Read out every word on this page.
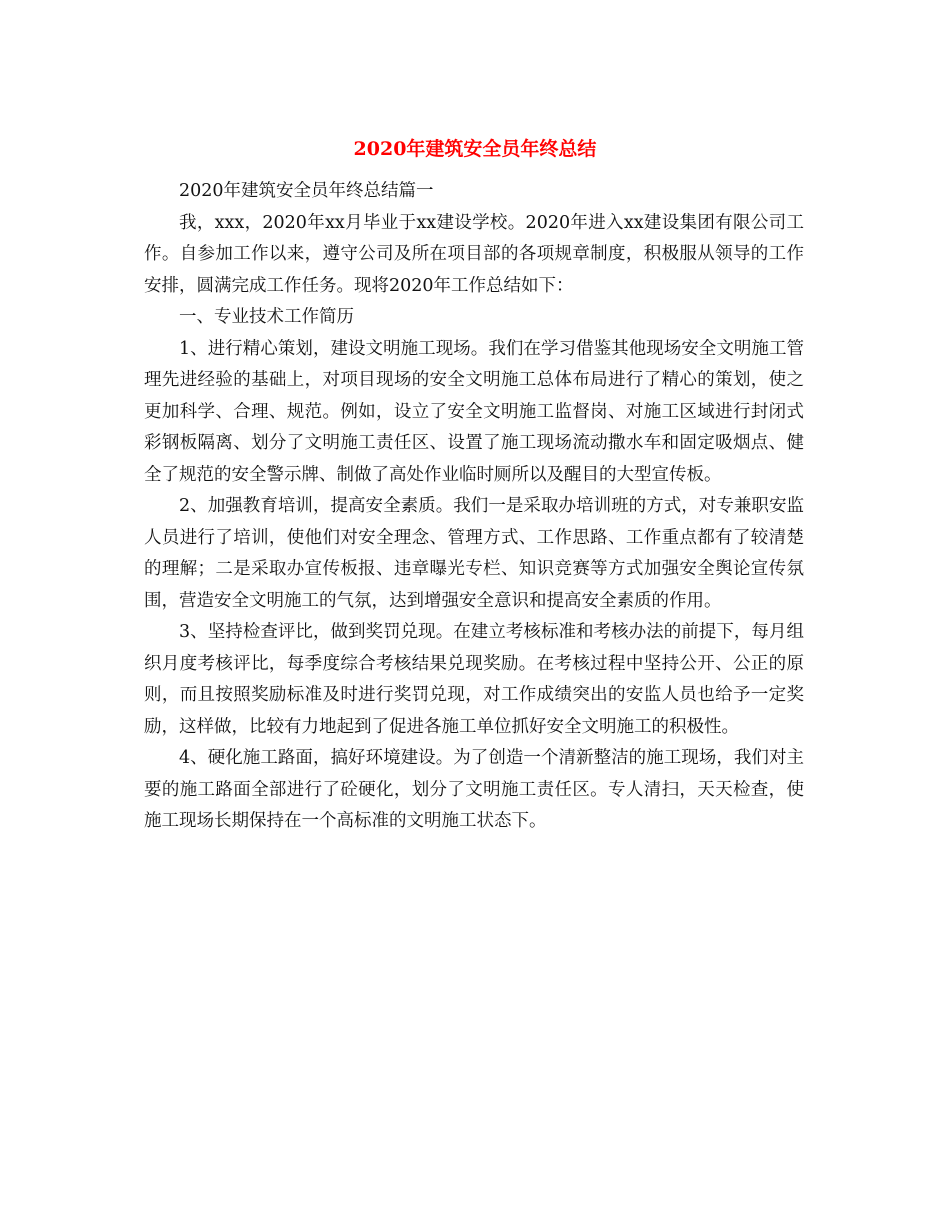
2020年建筑安全员年终总结

2020年建筑安全员年终总结篇一

我，xxx，2020年xx月毕业于xx建设学校。2020年进入xx建设集团有限公司工作。自参加工作以来，遵守公司及所在项目部的各项规章制度，积极服从领导的工作安排，圆满完成工作任务。现将2020年工作总结如下：

一、专业技术工作简历

1、进行精心策划，建设文明施工现场。我们在学习借鉴其他现场安全文明施工管理先进经验的基础上，对项目现场的安全文明施工总体布局进行了精心的策划，使之更加科学、合理、规范。例如，设立了安全文明施工监督岗、对施工区域进行封闭式彩钢板隔离、划分了文明施工责任区、设置了施工现场流动撒水车和固定吸烟点、健全了规范的安全警示牌、制做了高处作业临时厕所以及醒目的大型宣传板。

2、加强教育培训，提高安全素质。我们一是采取办培训班的方式，对专兼职安监人员进行了培训，使他们对安全理念、管理方式、工作思路、工作重点都有了较清楚的理解；二是采取办宣传板报、违章曝光专栏、知识竞赛等方式加强安全舆论宣传氛围，营造安全文明施工的气氛，达到增强安全意识和提高安全素质的作用。

3、坚持检查评比，做到奖罚兑现。在建立考核标准和考核办法的前提下，每月组织月度考核评比，每季度综合考核结果兑现奖励。在考核过程中坚持公开、公正的原则，而且按照奖励标准及时进行奖罚兑现，对工作成绩突出的安监人员也给予一定奖励，这样做，比较有力地起到了促进各施工单位抓好安全文明施工的积极性。

4、硬化施工路面，搞好环境建设。为了创造一个清新整洁的施工现场，我们对主要的施工路面全部进行了砼硬化，划分了文明施工责任区。专人清扫，天天检查，使施工现场长期保持在一个高标准的文明施工状态下。
